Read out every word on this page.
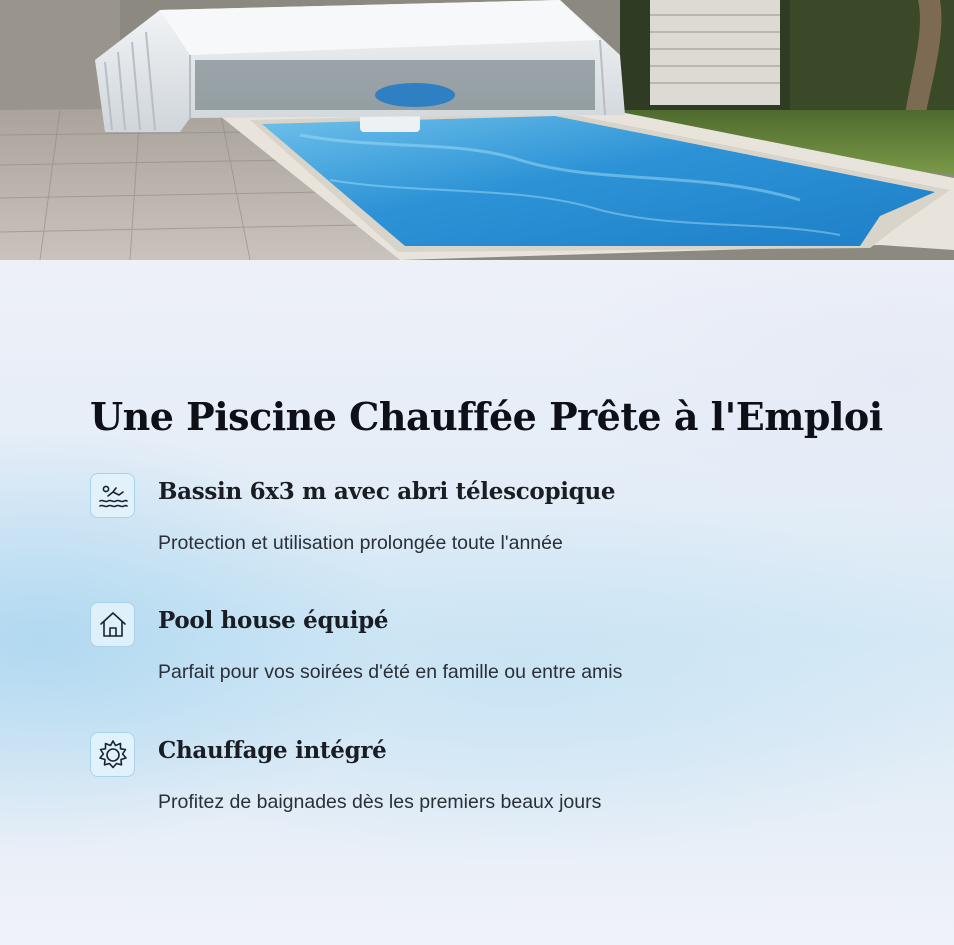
Une Piscine Chauffée Prête à l'Emploi
Bassin 6x3 m avec abri télescopique

Protection et utilisation prolongée toute l'année

Pool house équipé

Parfait pour vos soirées d'été en famille ou entre amis

Chauffage intégré

Profitez de baignades dès les premiers beaux jours
